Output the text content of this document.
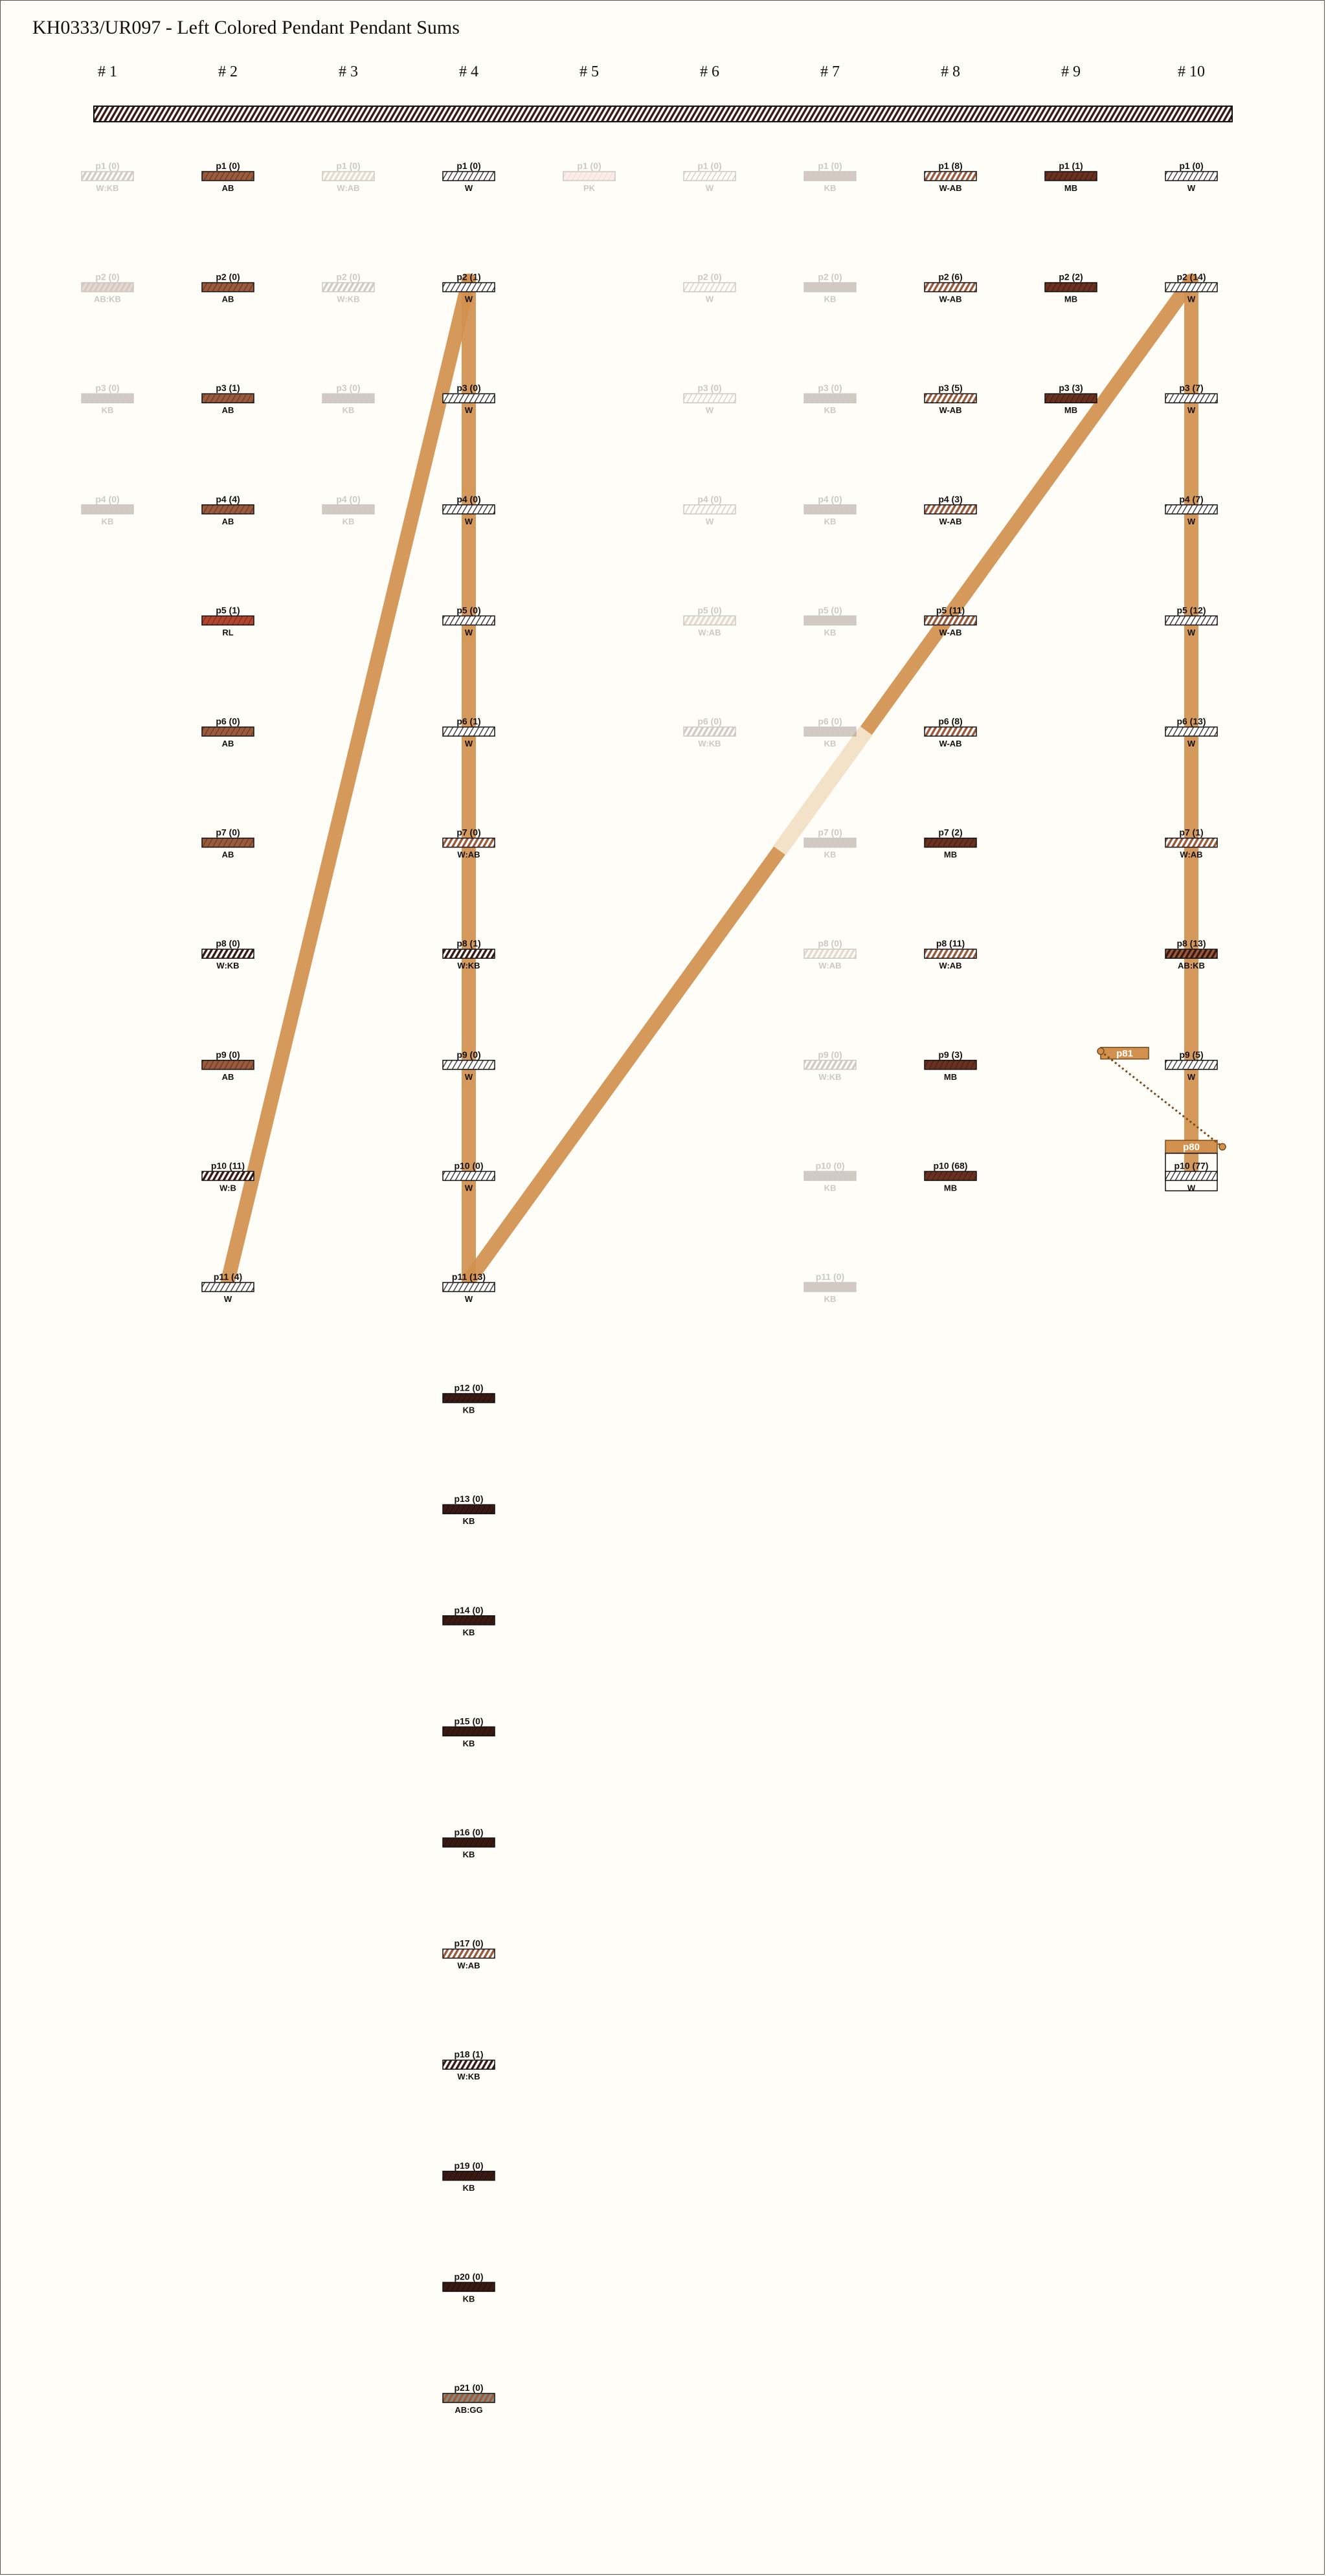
KH0333/UR097 - Left Colored Pendant Pendant Sums
# 1	# 2	# 3	# 4	# 5	# 6	# 7	# 8	# 9	# 10
p1 (0)
W:KB
p2 (0)
AB:KB
p3 (0)
KB
p4 (0)
KB
p1 (0)
AB
p2 (0)
AB
p3 (1)
AB
p4 (4)
AB
p5 (1)
RL
p6 (0)
AB
p7 (0)
AB
p8 (0)
W:KB
p9 (0)
AB
p10 (11)
W:B
p11 (4)
W
p1 (0)
W:AB
p2 (0)
W:KB
p3 (0)
KB
p4 (0)
KB
p1 (0)
W
p2 (1)
W
p3 (0)
W
p4 (0)
W
p5 (0)
W
p6 (1)
W
p7 (0)
W:AB
p8 (1)
W:KB
p9 (0)
W
p10 (0)
W
p11 (13)
W
p12 (0)
KB
p13 (0)
KB
p14 (0)
KB
p15 (0)
KB
p16 (0)
KB
p17 (0)
W:AB
p18 (1)
W:KB
p19 (0)
KB
p20 (0)
KB
p21 (0)
AB:GG
p1 (0)
PK
p1 (0)
W
p2 (0)
W
p3 (0)
W
p4 (0)
W
p5 (0)
W:AB
p6 (0)
W:KB
p1 (0)
KB
p2 (0)
KB
p3 (0)
KB
p4 (0)
KB
p5 (0)
KB
p6 (0)
KB
p7 (0)
KB
p8 (0)
W:AB
p9 (0)
W:KB
p10 (0)
KB
p11 (0)
KB
p1 (8)
W-AB
p2 (6)
W-AB
p3 (5)
W-AB
p4 (3)
W-AB
p5 (11)
W-AB
p6 (8)
W-AB
p7 (2)
MB
p8 (11)
W:AB
p9 (3)
MB
p10 (68)
MB
p1 (1)
MB
p2 (2)
MB
p3 (3)
MB
p1 (0)
W
p2 (14)
W
p3 (7)
W
p4 (7)
W
p5 (12)
W
p6 (13)
W
p7 (1)
W:AB
p8 (13)
AB:KB
p9 (5)
W
p10 (77)
p80
W
p81
